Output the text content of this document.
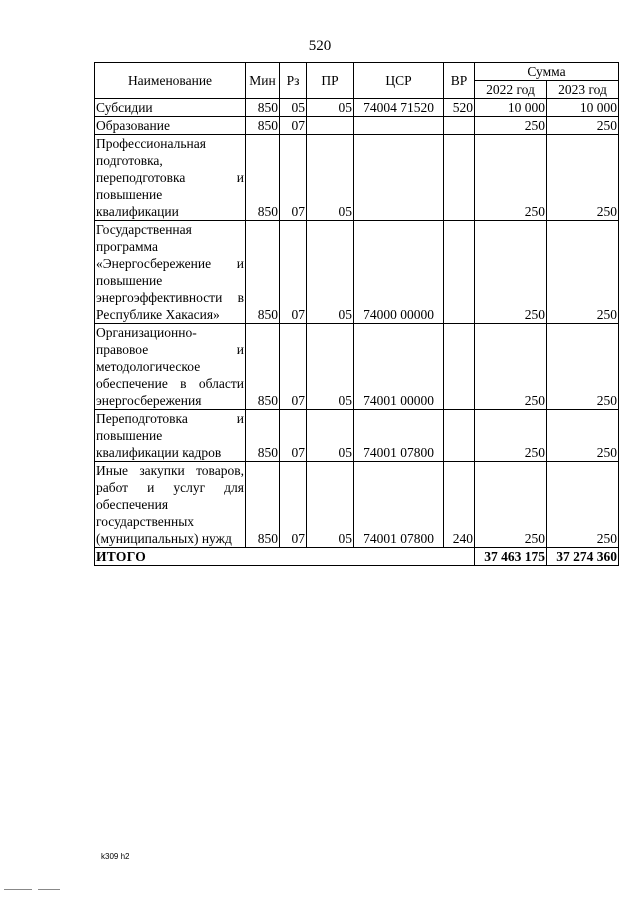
520
Наименование	Мин	Рз	ПР	ЦСР	ВР	Сумма	
						2022 год	2023 год
Субсидии	850	05	05	74004 71520	520	10 000	10 000
Образование	850	07				250	250
Профессиональная подготовка, переподготовка и повышение квалификации	850	07	05			250	250
Государственная программа «Энергосбережение и повышение энергоэффективности в Республике Хакасия»	850	07	05	74000 00000		250	250
Организационно-правовое и методологическое обеспечение в области энергосбережения	850	07	05	74001 00000		250	250
Переподготовка и повышение квалификации кадров	850	07	05	74001 07800		250	250
Иные закупки товаров, работ и услуг для обеспечения государственных (муниципальных) нужд	850	07	05	74001 07800	240	250	250
ИТОГО						37 463 175	37 274 360
k309 h2
